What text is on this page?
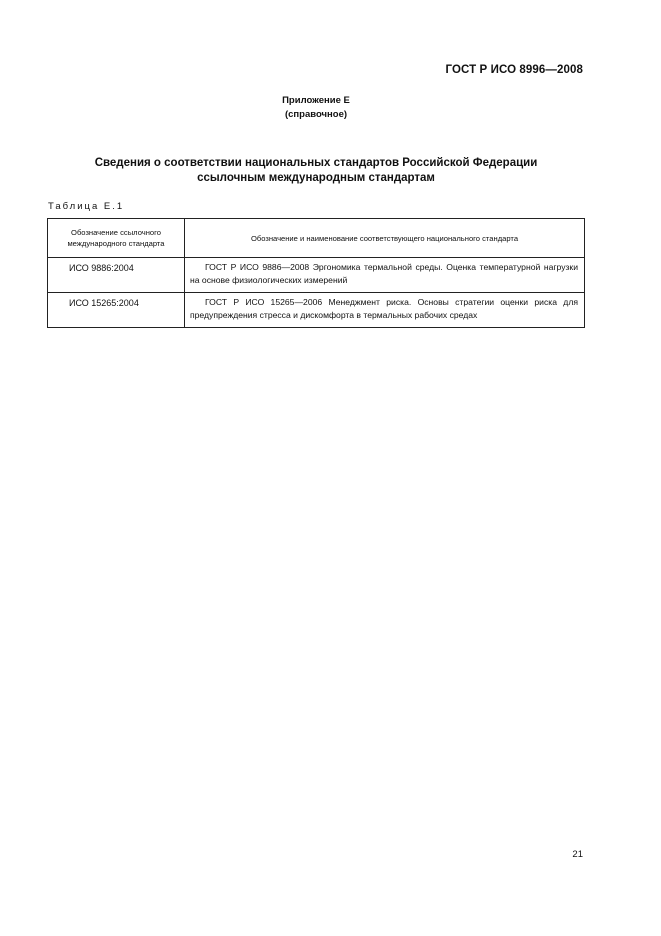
ГОСТ Р ИСО 8996—2008
Приложение Е
(справочное)
Сведения о соответствии национальных стандартов Российской Федерации
ссылочным международным стандартам
Таблица Е.1
Обозначение ссылочного международного стандарта	Обозначение и наименование соответствующего национального стандарта
ИСО 9886:2004	ГОСТ Р ИСО 9886—2008 Эргономика термальной среды. Оценка температурной нагрузки на основе физиологических измерений
ИСО 15265:2004	ГОСТ Р ИСО 15265—2006 Менеджмент риска. Основы стратегии оценки риска для предупреждения стресса и дискомфорта в термальных рабочих средах
21
